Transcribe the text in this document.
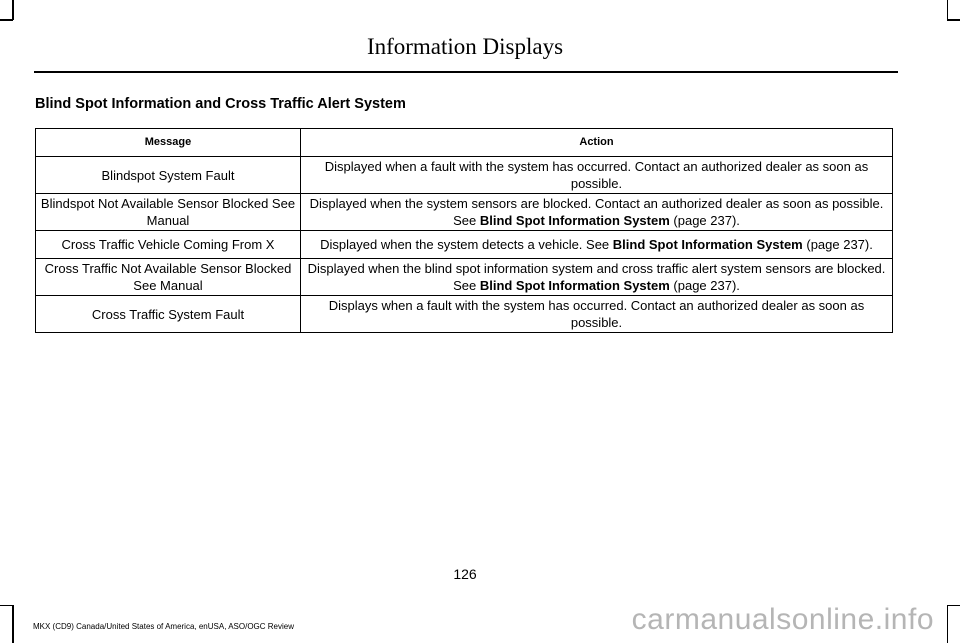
Information Displays
Blind Spot Information and Cross Traffic Alert System
Message	Action
Blindspot System Fault	Displayed when a fault with the system has occurred. Contact an authorized dealer as soon as possible.
Blindspot Not Available Sensor Blocked See Manual	Displayed when the system sensors are blocked. Contact an authorized dealer as soon as possible. See Blind Spot Information System (page 237).
Cross Traffic Vehicle Coming From X	Displayed when the system detects a vehicle. See Blind Spot Information System (page 237).
Cross Traffic Not Available Sensor Blocked See Manual	Displayed when the blind spot information system and cross traffic alert system sensors are blocked. See Blind Spot Information System (page 237).
Cross Traffic System Fault	Displays when a fault with the system has occurred. Contact an authorized dealer as soon as possible.
126
MKX (CD9) Canada/United States of America, enUSA, ASO/OGC Review	carmanualsonline.info
